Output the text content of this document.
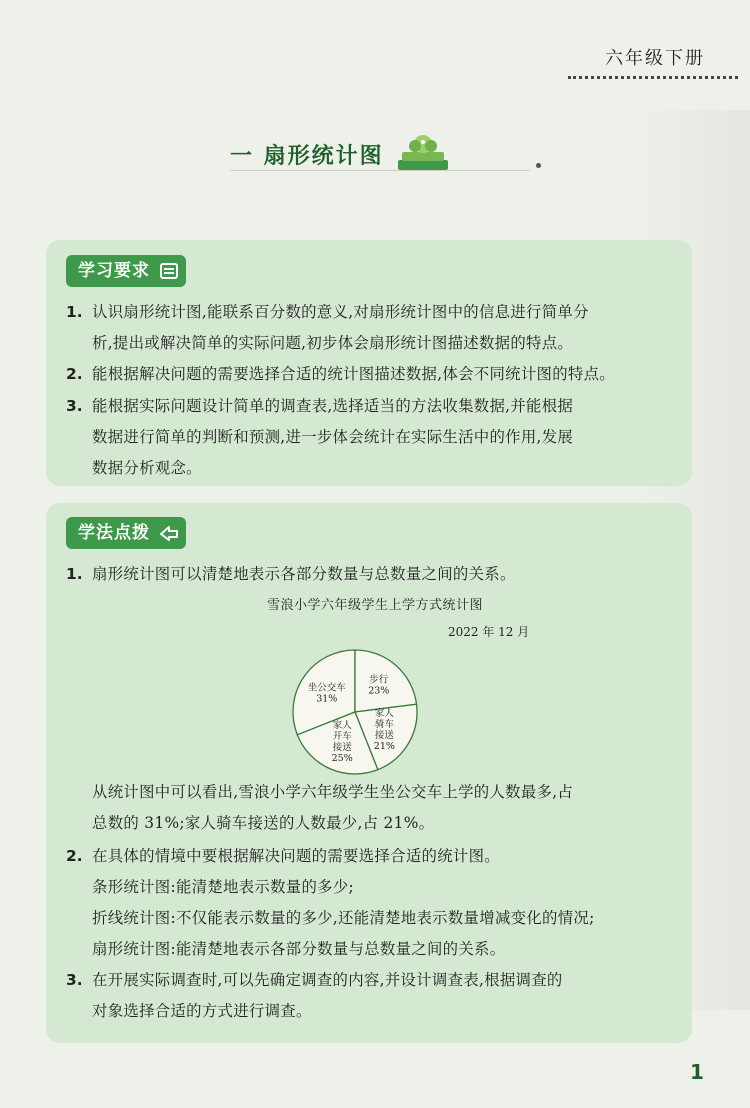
六年级下册
一 扇形统计图
学习要求
1. 认识扇形统计图,能联系百分数的意义,对扇形统计图中的信息进行简单分
析,提出或解决简单的实际问题,初步体会扇形统计图描述数据的特点。
2. 能根据解决问题的需要选择合适的统计图描述数据,体会不同统计图的特点。
3. 能根据实际问题设计简单的调查表,选择适当的方法收集数据,并能根据
数据进行简单的判断和预测,进一步体会统计在实际生活中的作用,发展
数据分析观念。
学法点拨
1. 扇形统计图可以清楚地表示各部分数量与总数量之间的关系。
雪浪小学六年级学生上学方式统计图
2022 年 12 月
坐公交车
31%
步行
23%
家人
骑车
接送
21%
家人
开车
接送
25%
从统计图中可以看出,雪浪小学六年级学生坐公交车上学的人数最多,占
总数的 31%;家人骑车接送的人数最少,占 21%。
2. 在具体的情境中要根据解决问题的需要选择合适的统计图。
条形统计图:能清楚地表示数量的多少;
折线统计图:不仅能表示数量的多少,还能清楚地表示数量增减变化的情况;
扇形统计图:能清楚地表示各部分数量与总数量之间的关系。
3. 在开展实际调查时,可以先确定调查的内容,并设计调查表,根据调查的
对象选择合适的方式进行调查。
1
